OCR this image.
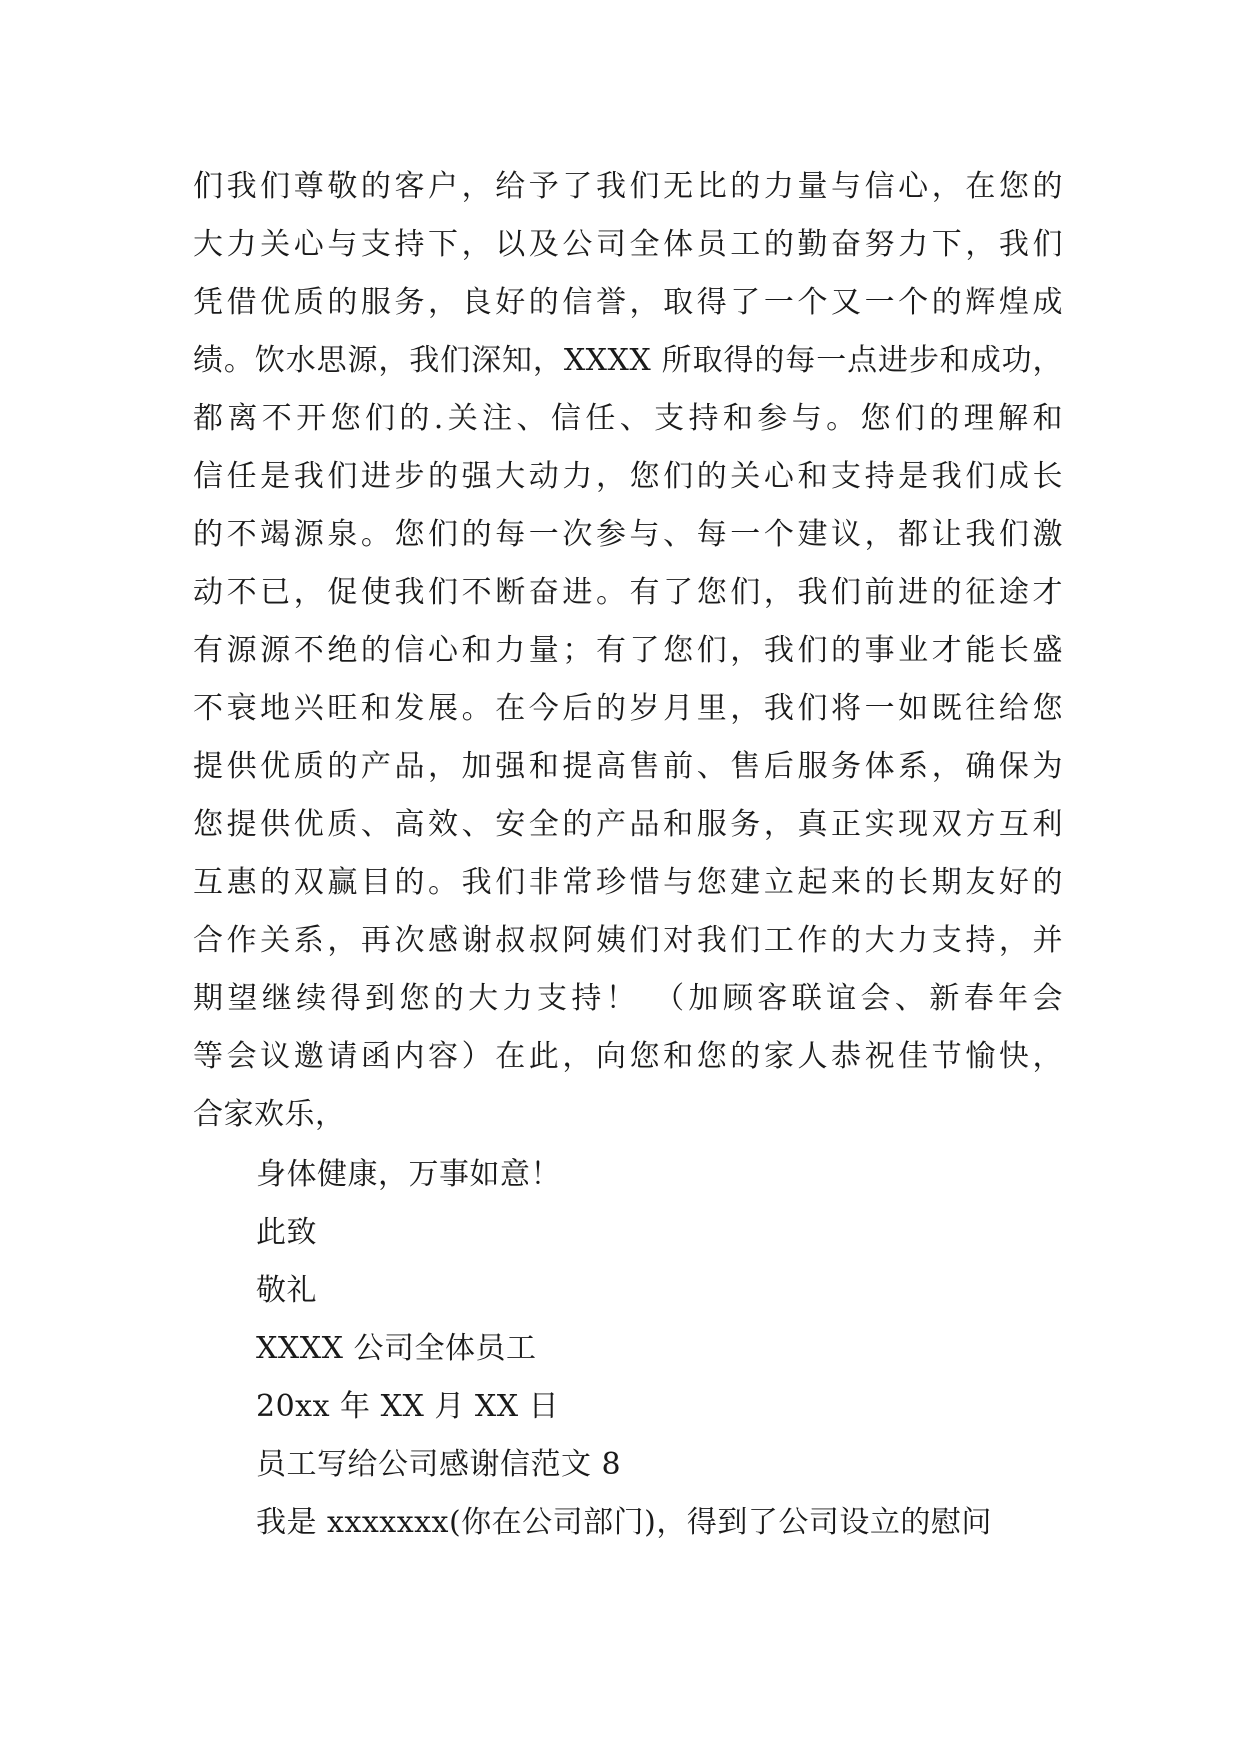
们我们尊敬的客户，给予了我们无比的力量与信心，在您的
大力关心与支持下，以及公司全体员工的勤奋努力下，我们
凭借优质的服务，良好的信誉，取得了一个又一个的辉煌成
绩。饮水思源，我们深知，XXXX 所取得的每一点进步和成功，
都离不开您们的.关注、信任、支持和参与。您们的理解和
信任是我们进步的强大动力，您们的关心和支持是我们成长
的不竭源泉。您们的每一次参与、每一个建议，都让我们激
动不已，促使我们不断奋进。有了您们，我们前进的征途才
有源源不绝的信心和力量；有了您们，我们的事业才能长盛
不衰地兴旺和发展。在今后的岁月里，我们将一如既往给您
提供优质的产品，加强和提高售前、售后服务体系，确保为
您提供优质、高效、安全的产品和服务，真正实现双方互利
互惠的双赢目的。我们非常珍惜与您建立起来的长期友好的
合作关系，再次感谢叔叔阿姨们对我们工作的大力支持，并
期望继续得到您的大力支持！ （加顾客联谊会、新春年会
等会议邀请函内容）在此，向您和您的家人恭祝佳节愉快，
合家欢乐，
身体健康，万事如意！
此致
敬礼
XXXX 公司全体员工
20xx 年 XX 月 XX 日
员工写给公司感谢信范文 8
我是 xxxxxxx(你在公司部门)，得到了公司设立的慰问
